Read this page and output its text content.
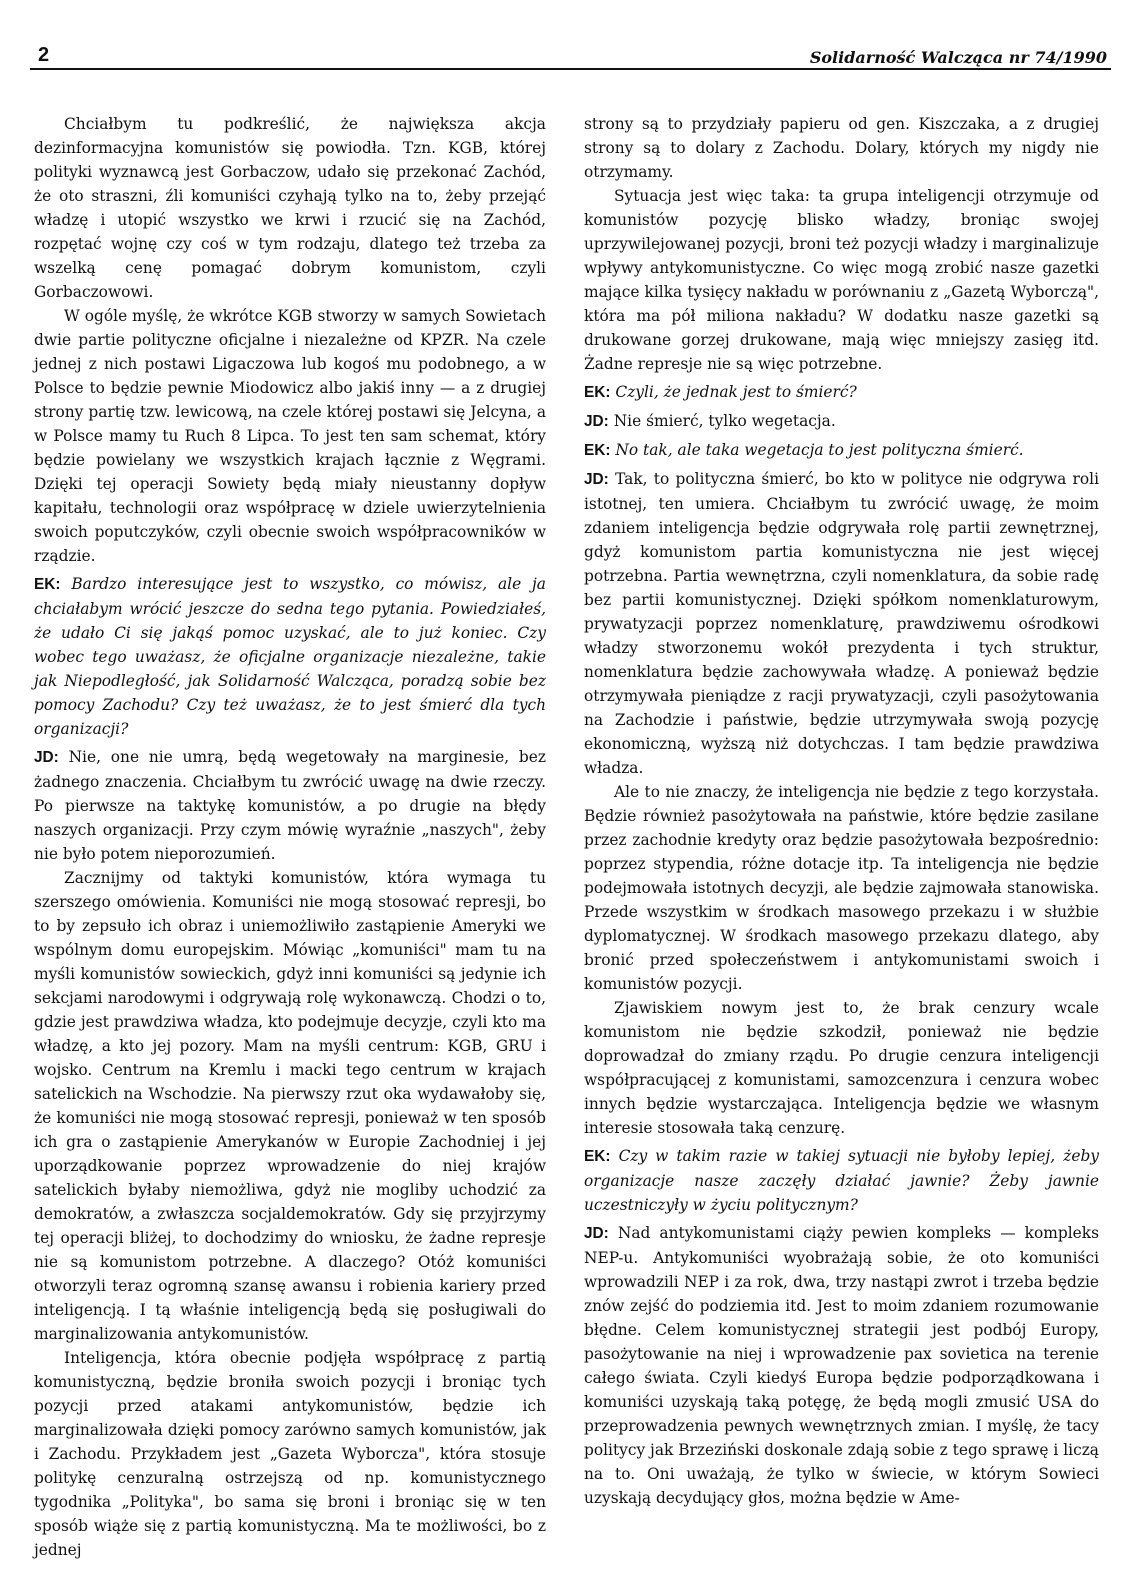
2	Solidarność Walcząca nr 74/1990

Chciałbym tu podkreślić, że największa akcja dezinformacyjna komunistów się powiodła. Tzn. KGB, której polityki wyznawcą jest Gorbaczow, udało się przekonać Zachód, że oto straszni, źli komuniści czyhają tylko na to, żeby przejąć władzę i utopić wszystko we krwi i rzucić się na Zachód, rozpętać wojnę czy coś w tym rodzaju, dlatego też trzeba za wszelką cenę pomagać dobrym komunistom, czyli Gorbaczowowi.

W ogóle myślę, że wkrótce KGB stworzy w samych Sowietach dwie partie polityczne oficjalne i niezależne od KPZR. Na czele jednej z nich postawi Ligaczowa lub kogoś mu podobnego, a w Polsce to będzie pewnie Miodowicz albo jakiś inny — a z drugiej strony partię tzw. lewicową, na czele której postawi się Jelcyna, a w Polsce mamy tu Ruch 8 Lipca. To jest ten sam schemat, który będzie powielany we wszystkich krajach łącznie z Węgrami. Dzięki tej operacji Sowiety będą miały nieustanny dopływ kapitału, technologii oraz współpracę w dziele uwierzytelnienia swoich poputczyków, czyli obecnie swoich współpracowników w rządzie.

EK: Bardzo interesujące jest to wszystko, co mówisz, ale ja chciałabym wrócić jeszcze do sedna tego pytania. Powiedziałeś, że udało Ci się jakąś pomoc uzyskać, ale to już koniec. Czy wobec tego uważasz, że oficjalne organizacje niezależne, takie jak Niepodległość, jak Solidarność Walcząca, poradzą sobie bez pomocy Zachodu? Czy też uważasz, że to jest śmierć dla tych organizacji?

JD: Nie, one nie umrą, będą wegetowały na marginesie, bez żadnego znaczenia. Chciałbym tu zwrócić uwagę na dwie rzeczy. Po pierwsze na taktykę komunistów, a po drugie na błędy naszych organizacji. Przy czym mówię wyraźnie „naszych", żeby nie było potem nieporozumień.

Zacznijmy od taktyki komunistów, która wymaga tu szerszego omówienia. Komuniści nie mogą stosować represji, bo to by zepsuło ich obraz i uniemożliwiło zastąpienie Ameryki we wspólnym domu europejskim. Mówiąc „komuniści" mam tu na myśli komunistów sowieckich, gdyż inni komuniści są jedynie ich sekcjami narodowymi i odgrywają rolę wykonawczą. Chodzi o to, gdzie jest prawdziwa władza, kto podejmuje decyzje, czyli kto ma władzę, a kto jej pozory. Mam na myśli centrum: KGB, GRU i wojsko. Centrum na Kremlu i macki tego centrum w krajach satelickich na Wschodzie. Na pierwszy rzut oka wydawałoby się, że komuniści nie mogą stosować represji, ponieważ w ten sposób ich gra o zastąpienie Amerykanów w Europie Zachodniej i jej uporządkowanie poprzez wprowadzenie do niej krajów satelickich byłaby niemożliwa, gdyż nie mogliby uchodzić za demokratów, a zwłaszcza socjaldemokratów. Gdy się przyjrzymy tej operacji bliżej, to dochodzimy do wniosku, że żadne represje nie są komunistom potrzebne. A dlaczego? Otóż komuniści otworzyli teraz ogromną szansę awansu i robienia kariery przed inteligencją. I tą właśnie inteligencją będą się posługiwali do marginalizowania antykomunistów.

Inteligencja, która obecnie podjęła współpracę z partią komunistyczną, będzie broniła swoich pozycji i broniąc tych pozycji przed atakami antykomunistów, będzie ich marginalizowała dzięki pomocy zarówno samych komunistów, jak i Zachodu. Przykładem jest „Gazeta Wyborcza", która stosuje politykę cenzuralną ostrzejszą od np. komunistycznego tygodnika „Polityka", bo sama się broni i broniąc się w ten sposób wiąże się z partią komunistyczną. Ma te możliwości, bo z jednej

strony są to przydziały papieru od gen. Kiszczaka, a z drugiej strony są to dolary z Zachodu. Dolary, których my nigdy nie otrzymamy.

Sytuacja jest więc taka: ta grupa inteligencji otrzymuje od komunistów pozycję blisko władzy, broniąc swojej uprzywilejowanej pozycji, broni też pozycji władzy i marginalizuje wpływy antykomunistyczne. Co więc mogą zrobić nasze gazetki mające kilka tysięcy nakładu w porównaniu z „Gazetą Wyborczą", która ma pół miliona nakładu? W dodatku nasze gazetki są drukowane gorzej drukowane, mają więc mniejszy zasięg itd. Żadne represje nie są więc potrzebne.

EK: Czyli, że jednak jest to śmierć?

JD: Nie śmierć, tylko wegetacja.

EK: No tak, ale taka wegetacja to jest polityczna śmierć.

JD: Tak, to polityczna śmierć, bo kto w polityce nie odgrywa roli istotnej, ten umiera. Chciałbym tu zwrócić uwagę, że moim zdaniem inteligencja będzie odgrywała rolę partii zewnętrznej, gdyż komunistom partia komunistyczna nie jest więcej potrzebna. Partia wewnętrzna, czyli nomenklatura, da sobie radę bez partii komunistycznej. Dzięki spółkom nomenklaturowym, prywatyzacji poprzez nomenklaturę, prawdziwemu ośrodkowi władzy stworzonemu wokół prezydenta i tych struktur, nomenklatura będzie zachowywała władzę. A ponieważ będzie otrzymywała pieniądze z racji prywatyzacji, czyli pasożytowania na Zachodzie i państwie, będzie utrzymywała swoją pozycję ekonomiczną, wyższą niż dotychczas. I tam będzie prawdziwa władza.

Ale to nie znaczy, że inteligencja nie będzie z tego korzystała. Będzie również pasożytowała na państwie, które będzie zasilane przez zachodnie kredyty oraz będzie pasożytowała bezpośrednio: poprzez stypendia, różne dotacje itp. Ta inteligencja nie będzie podejmowała istotnych decyzji, ale będzie zajmowała stanowiska. Przede wszystkim w środkach masowego przekazu i w służbie dyplomatycznej. W środkach masowego przekazu dlatego, aby bronić przed społeczeństwem i antykomunistami swoich i komunistów pozycji.

Zjawiskiem nowym jest to, że brak cenzury wcale komunistom nie będzie szkodził, ponieważ nie będzie doprowadzał do zmiany rządu. Po drugie cenzura inteligencji współpracującej z komunistami, samozcenzura i cenzura wobec innych będzie wystarczająca. Inteligencja będzie we własnym interesie stosowała taką cenzurę.

EK: Czy w takim razie w takiej sytuacji nie byłoby lepiej, żeby organizacje nasze zaczęły działać jawnie? Żeby jawnie uczestniczyły w życiu politycznym?

JD: Nad antykomunistami ciąży pewien kompleks — kompleks NEP-u. Antykomuniści wyobrażają sobie, że oto komuniści wprowadzili NEP i za rok, dwa, trzy nastąpi zwrot i trzeba będzie znów zejść do podziemia itd. Jest to moim zdaniem rozumowanie błędne. Celem komunistycznej strategii jest podbój Europy, pasożytowanie na niej i wprowadzenie pax sovietica na terenie całego świata. Czyli kiedyś Europa będzie podporządkowana i komuniści uzyskają taką potęgę, że będą mogli zmusić USA do przeprowadzenia pewnych wewnętrznych zmian. I myślę, że tacy politycy jak Brzeziński doskonale zdają sobie z tego sprawę i liczą na to. Oni uważają, że tylko w świecie, w którym Sowieci uzyskają decydujący głos, można będzie w Ame-
